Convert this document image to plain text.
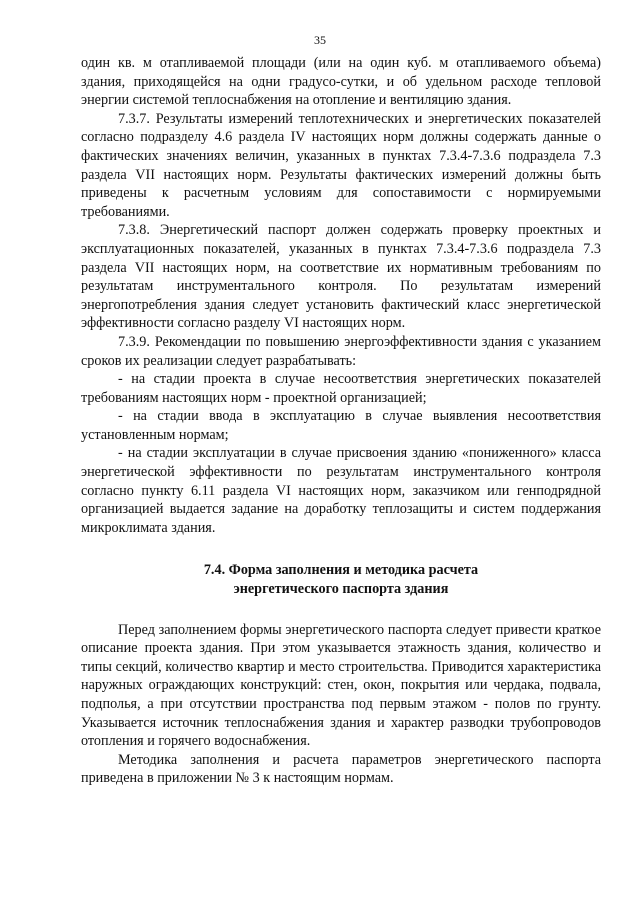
35

один кв. м отапливаемой площади (или на один куб. м отапливаемого объема) здания, приходящейся на одни градусо-сутки, и об удельном расходе тепловой энергии системой теплоснабжения на отопление и вентиляцию здания.

7.3.7. Результаты измерений теплотехнических и энергетических показателей согласно подразделу 4.6 раздела IV настоящих норм должны содержать данные о фактических значениях величин, указанных в пунктах 7.3.4-7.3.6 подраздела 7.3 раздела VII настоящих норм. Результаты фактических измерений должны быть приведены к расчетным условиям для сопоставимости с нормируемыми требованиями.

7.3.8. Энергетический паспорт должен содержать проверку проектных и эксплуатационных показателей, указанных в пунктах 7.3.4-7.3.6 подраздела 7.3 раздела VII настоящих норм, на соответствие их нормативным требованиям по результатам инструментального контроля. По результатам измерений энергопотребления здания следует установить фактический класс энергетической эффективности согласно разделу VI настоящих норм.

7.3.9. Рекомендации по повышению энергоэффективности здания с указанием сроков их реализации следует разрабатывать:

- на стадии проекта в случае несоответствия энергетических показателей требованиям настоящих норм - проектной организацией;

- на стадии ввода в эксплуатацию в случае выявления несоответствия установленным нормам;

- на стадии эксплуатации в случае присвоения зданию «пониженного» класса энергетической эффективности по результатам инструментального контроля согласно пункту 6.11 раздела VI настоящих норм, заказчиком или генподрядной организацией выдается задание на доработку теплозащиты и систем поддержания микроклимата здания.

7.4. Форма заполнения и методика расчета
энергетического паспорта здания

Перед заполнением формы энергетического паспорта следует привести краткое описание проекта здания. При этом указывается этажность здания, количество и типы секций, количество квартир и место строительства. Приводится характеристика наружных ограждающих конструкций: стен, окон, покрытия или чердака, подвала, подполья, а при отсутствии пространства под первым этажом - полов по грунту. Указывается источник теплоснабжения здания и характер разводки трубопроводов отопления и горячего водоснабжения.

Методика заполнения и расчета параметров энергетического паспорта приведена в приложении № 3 к настоящим нормам.
